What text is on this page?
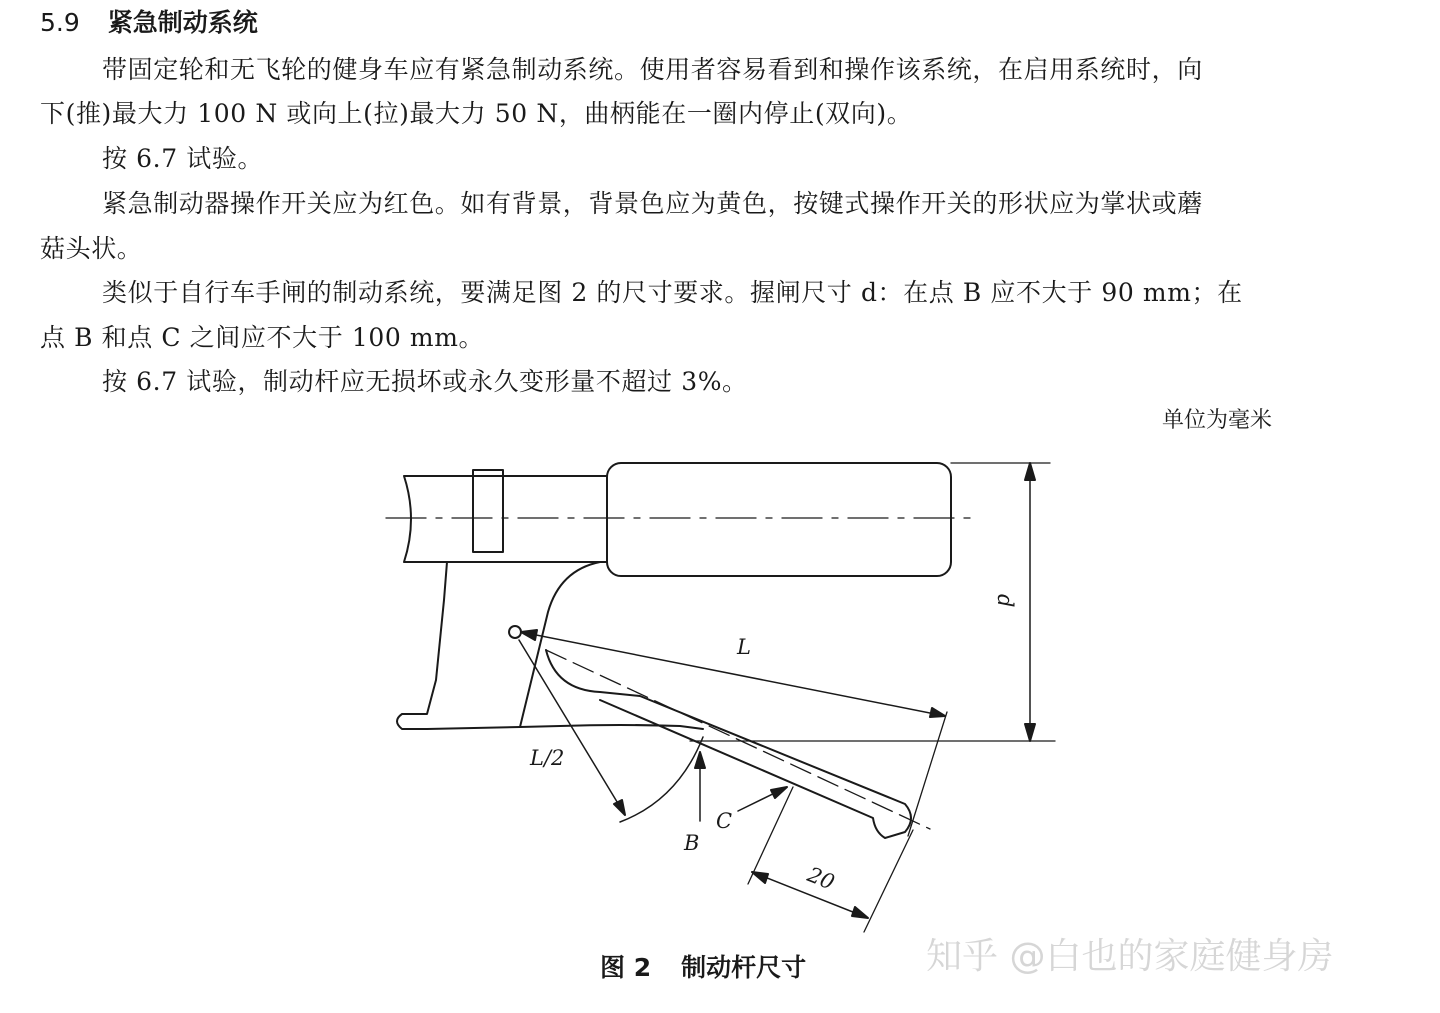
5.9 紧急制动系统
带固定轮和无飞轮的健身车应有紧急制动系统。使用者容易看到和操作该系统，在启用系统时，向
下(推)最大力 100 N 或向上(拉)最大力 50 N，曲柄能在一圈内停止(双向)。
按 6.7 试验。
紧急制动器操作开关应为红色。如有背景，背景色应为黄色，按键式操作开关的形状应为掌状或蘑
菇头状。
类似于自行车手闸的制动系统，要满足图 2 的尺寸要求。握闸尺寸 d：在点 B 应不大于 90 mm；在
点 B 和点 C 之间应不大于 100 mm。
按 6.7 试验，制动杆应无损坏或永久变形量不超过 3%。
单位为毫米
L
L/2
d
B
C
20
图 2 制动杆尺寸	知乎 @白也的家庭健身房
